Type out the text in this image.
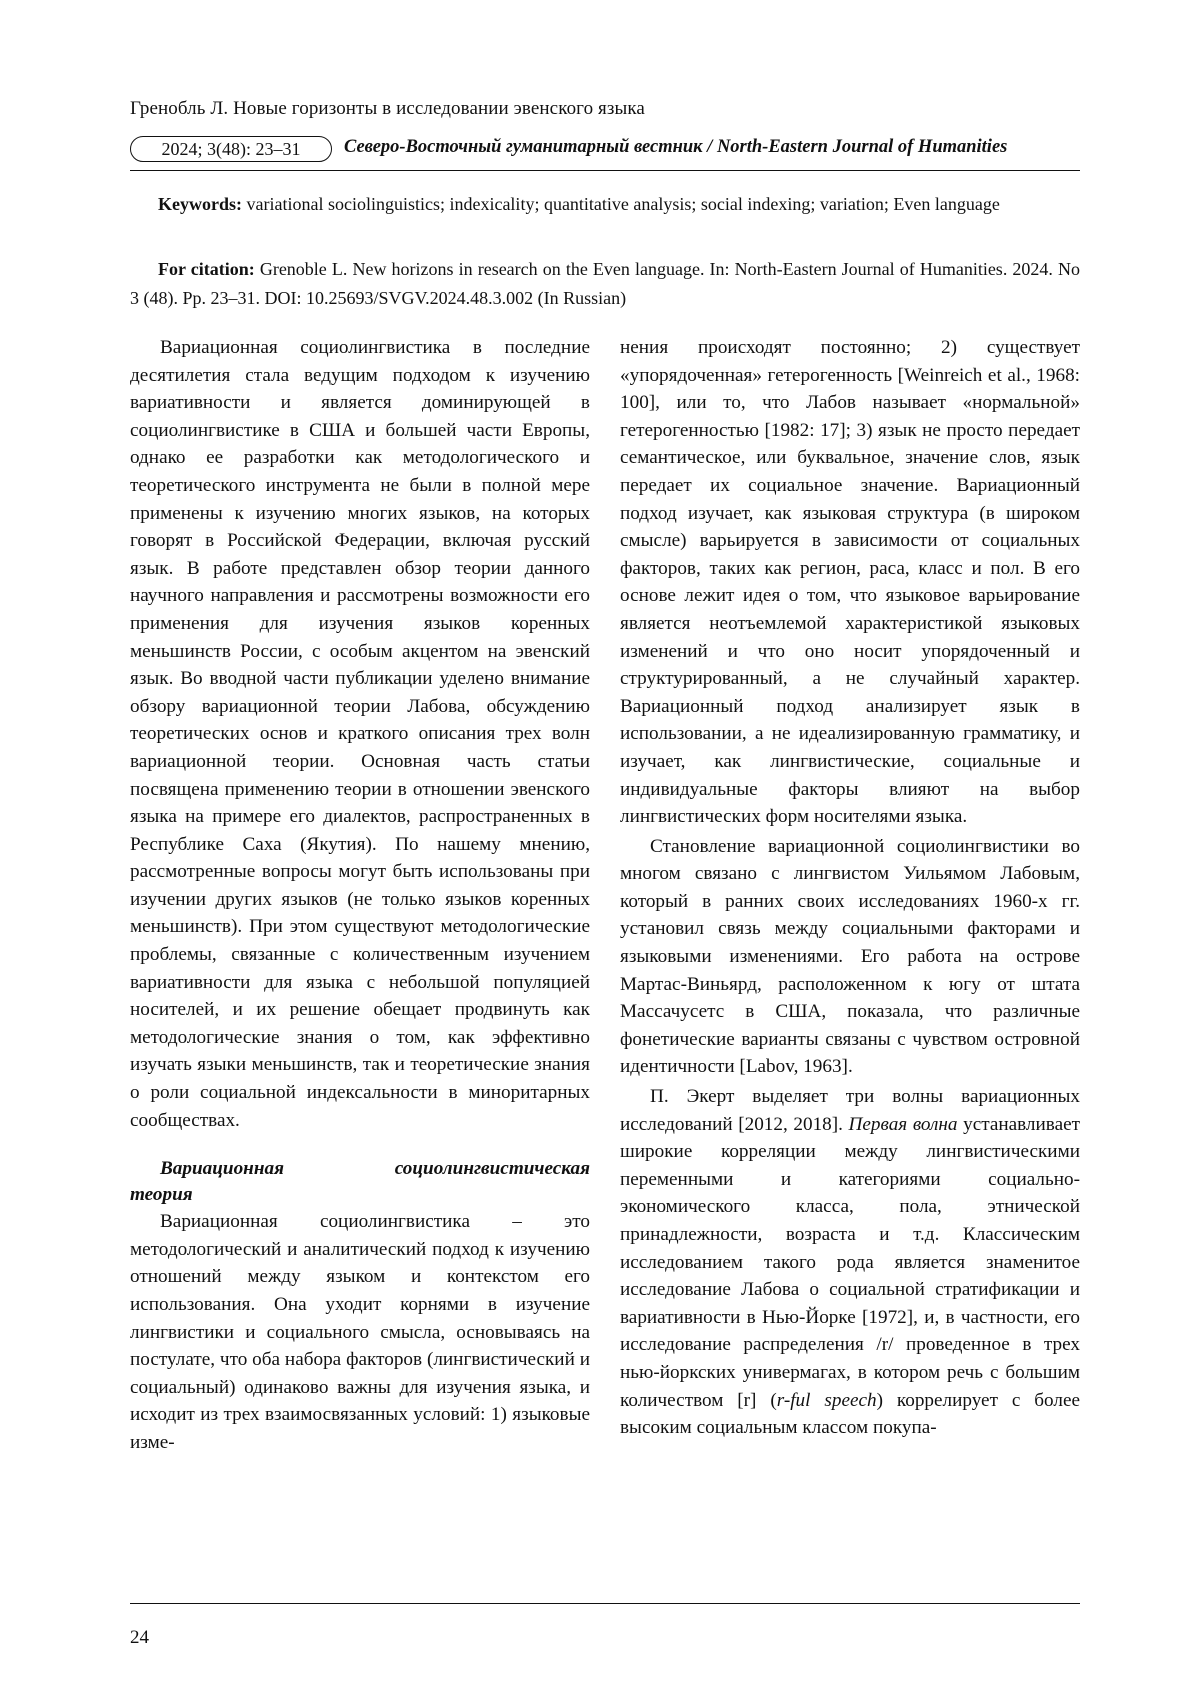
Гренобль Л. Новые горизонты в исследовании эвенского языка
2024; 3(48): 23–31	Северо-Восточный гуманитарный вестник / North-Eastern Journal of Humanities
Keywords: variational sociolinguistics; indexicality; quantitative analysis; social indexing; variation; Even language
For citation: Grenoble L. New horizons in research on the Even language. In: North-Eastern Journal of Humanities. 2024. No 3 (48). Pp. 23–31. DOI: 10.25693/SVGV.2024.48.3.002 (In Russian)

Вариационная социолингвистика в последние десятилетия стала ведущим подходом к изучению вариативности и является доминирующей в социолингвистике в США и большей части Европы, однако ее разработки как методологического и теоретического инструмента не были в полной мере применены к изучению многих языков, на которых говорят в Российской Федерации, включая русский язык. В работе представлен обзор теории данного научного направления и рассмотрены возможности его применения для изучения языков коренных меньшинств России, с особым акцентом на эвенский язык. Во вводной части публикации уделено внимание обзору вариационной теории Лабова, обсуждению теоретических основ и краткого описания трех волн вариационной теории. Основная часть статьи посвящена применению теории в отношении эвенского языка на примере его диалектов, распространенных в Республике Саха (Якутия). По нашему мнению, рассмотренные вопросы могут быть использованы при изучении других языков (не только языков коренных меньшинств). При этом существуют методологические проблемы, связанные с количественным изучением вариативности для языка с небольшой популяцией носителей, и их решение обещает продвинуть как методологические знания о том, как эффективно изучать языки меньшинств, так и теоретические знания о роли социальной индексальности в миноритарных сообществах.

Вариационная	социолингвистическая
теория

Вариационная социолингвистика – это методологический и аналитический подход к изучению отношений между языком и контекстом его использования. Она уходит корнями в изучение лингвистики и социального смысла, основываясь на постулате, что оба набора факторов (лингвистический и социальный) одинаково важны для изучения языка, и исходит из трех взаимосвязанных условий: 1) языковые изме-

нения происходят постоянно; 2) существует «упорядоченная» гетерогенность [Weinreich et al., 1968: 100], или то, что Лабов называет «нормальной» гетерогенностью [1982: 17]; 3) язык не просто передает семантическое, или буквальное, значение слов, язык передает их социальное значение. Вариационный подход изучает, как языковая структура (в широком смысле) варьируется в зависимости от социальных факторов, таких как регион, раса, класс и пол. В его основе лежит идея о том, что языковое варьирование является неотъемлемой характеристикой языковых изменений и что оно носит упорядоченный и структурированный, а не случайный характер. Вариационный подход анализирует язык в использовании, а не идеализированную грамматику, и изучает, как лингвистические, социальные и индивидуальные факторы влияют на выбор лингвистических форм носителями языка.

Становление вариационной социолингвистики во многом связано с лингвистом Уильямом Лабовым, который в ранних своих исследованиях 1960-х гг. установил связь между социальными факторами и языковыми изменениями. Его работа на острове Мартас-Виньярд, расположенном к югу от штата Массачусетс в США, показала, что различные фонетические варианты связаны с чувством островной идентичности [Labov, 1963].

П. Экерт выделяет три волны вариационных исследований [2012, 2018]. Первая волна устанавливает широкие корреляции между лингвистическими переменными и категориями социально-экономического класса, пола, этнической принадлежности, возраста и т.д. Классическим исследованием такого рода является знаменитое исследование Лабова о социальной стратификации и вариативности в Нью-Йорке [1972], и, в частности, его исследование распределения /r/ проведенное в трех нью-йоркских универмагах, в котором речь с большим количеством [r] (r-ful speech) коррелирует с более высоким социальным классом покупа-

24
